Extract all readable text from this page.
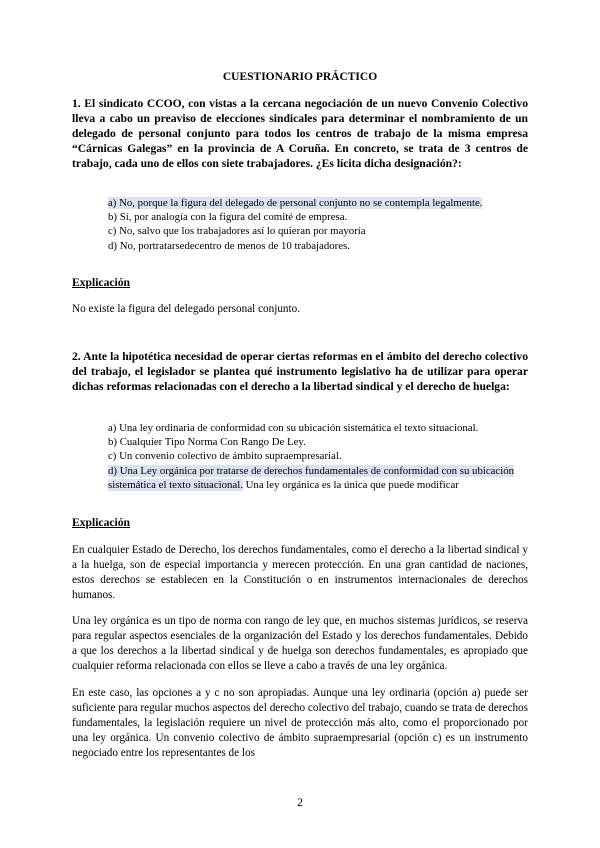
CUESTIONARIO PRÁCTICO

1. El sindicato CCOO, con vistas a la cercana negociación de un nuevo Convenio Colectivo lleva a cabo un preaviso de elecciones sindicales para determinar el nombramiento de un delegado de personal conjunto para todos los centros de trabajo de la misma empresa “Cárnicas Galegas” en la provincia de A Coruña. En concreto, se trata de 3 centros de trabajo, cada uno de ellos con siete trabajadores. ¿Es lícita dicha designación?:

a) No, porque la figura del delegado de personal conjunto no se contempla legalmente.
b) Sí, por analogía con la figura del comité de empresa.
c) No, salvo que los trabajadores así lo quieran por mayoría
d) No, portratarsedecentro de menos de 10 trabajadores.

Explicación

No existe la figura del delegado personal conjunto.

2. Ante la hipotética necesidad de operar ciertas reformas en el ámbito del derecho colectivo del trabajo, el legislador se plantea qué instrumento legislativo ha de utilizar para operar dichas reformas relacionadas con el derecho a la libertad sindical y el derecho de huelga:

a) Una ley ordinaria de conformidad con su ubicación sistemática el texto situacional.
b) Cualquier Tipo Norma Con Rango De Ley.
c) Un convenio colectivo de ámbito supraempresarial.
d) Una Ley orgánica por tratarse de derechos fundamentales de conformidad con su ubicación sistemática el texto situacional. Una ley orgánica es la única que puede modificar

Explicación

En cualquier Estado de Derecho, los derechos fundamentales, como el derecho a la libertad sindical y a la huelga, son de especial importancia y merecen protección. En una gran cantidad de naciones, estos derechos se establecen en la Constitución o en instrumentos internacionales de derechos humanos.

Una ley orgánica es un tipo de norma con rango de ley que, en muchos sistemas jurídicos, se reserva para regular aspectos esenciales de la organización del Estado y los derechos fundamentales. Debido a que los derechos a la libertad sindical y de huelga son derechos fundamentales, es apropiado que cualquier reforma relacionada con ellos se lleve a cabo a través de una ley orgánica.

En este caso, las opciones a y c no son apropiadas. Aunque una ley ordinaria (opción a) puede ser suficiente para regular muchos aspectos del derecho colectivo del trabajo, cuando se trata de derechos fundamentales, la legislación requiere un nivel de protección más alto, como el proporcionado por una ley orgánica. Un convenio colectivo de ámbito supraempresarial (opción c) es un instrumento negociado entre los representantes de los

2
